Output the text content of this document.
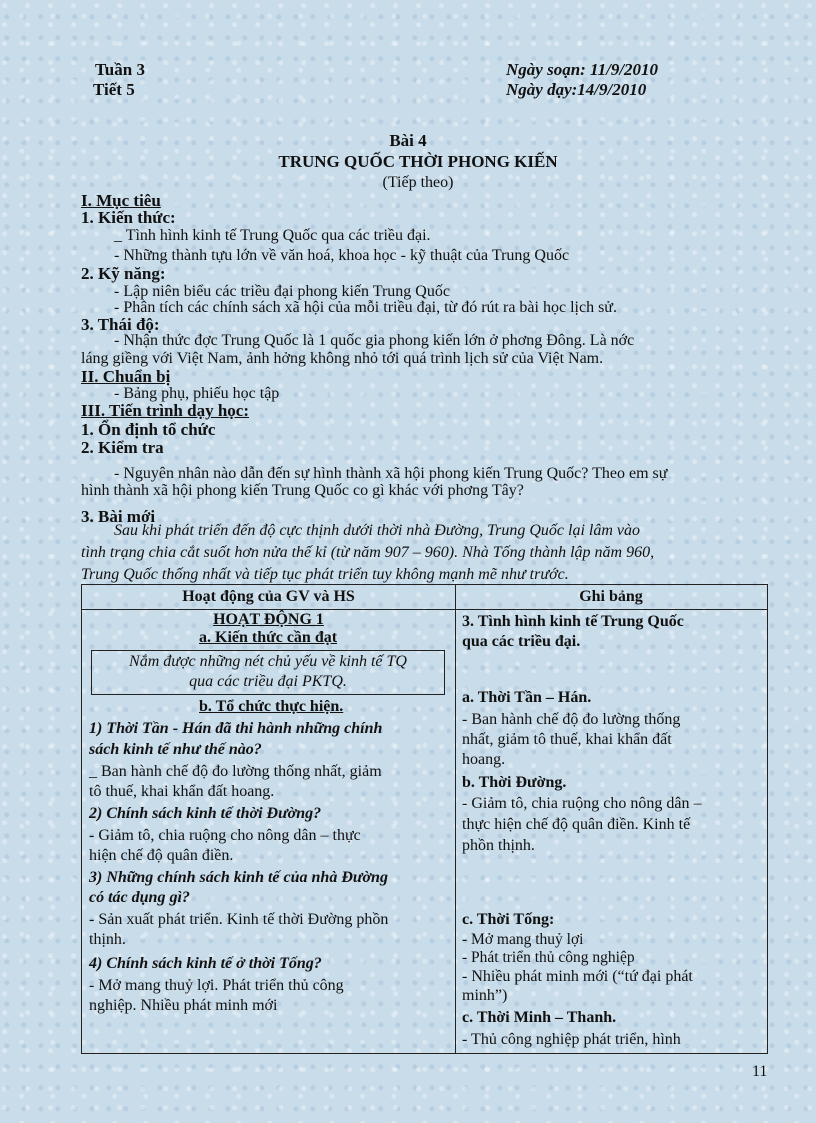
Tuần 3
Tiết 5
Ngày soạn: 11/9/2010
Ngày dạy:14/9/2010
Bài 4
TRUNG QUỐC THỜI PHONG KIẾN
(Tiếp theo)
I. Mục tiêu
1. Kiến thức:
_ Tình hình kinh tế Trung Quốc qua các triều đại.
- Những thành tựu lớn về văn hoá, khoa học - kỹ thuật của Trung Quốc
2. Kỹ năng:
- Lập niên biểu các triều đại phong kiến Trung Quốc
- Phân tích các chính sách xã hội của mỗi triều đại, từ đó rút ra bài học lịch sử.
3. Thái độ:
- Nhận thức đợc Trung Quốc là 1 quốc gia phong kiến lớn ở phơng Đông. Là nớc
láng giềng với Việt Nam, ảnh hởng không nhỏ tới quá trình lịch sử của Việt Nam.
II. Chuẩn bị
- Bảng phụ, phiếu học tập
III. Tiến trình dạy học:
1. Ổn định tổ chức
2. Kiểm tra
- Nguyên nhân nào dẫn đến sự hình thành xã hội phong kiến Trung Quốc? Theo em sự
hình thành xã hội phong kiến Trung Quốc co gì khác với phơng Tây?
3. Bài mới
Sau khi phát triển đến độ cực thịnh dưới thời nhà Đường, Trung Quốc lại lâm vào
tình trạng chia cắt suốt hơn nửa thế kỉ (từ năm 907 – 960). Nhà Tống thành lập năm 960,
Trung Quốc thống nhất và tiếp tục phát triển tuy không mạnh mẽ như trước.
Hoạt động của GV và HS	Ghi bảng
HOẠT ĐỘNG 1
a. Kiến thức cần đạt
Nắm được những nét chủ yếu về kinh tế TQ
qua các triều đại PKTQ.
b. Tổ chức thực hiện.
1) Thời Tần - Hán đã thi hành những chính
sách kinh tế như thế nào?
_ Ban hành chế độ đo lường thống nhất, giảm
tô thuế, khai khẩn đất hoang.
2) Chính sách kinh tế thời Đường?
- Giảm tô, chia ruộng cho nông dân – thực
hiện chế độ quân điền.
3) Những chính sách kinh tế của nhà Đường
có tác dụng gì?
- Sản xuất phát triển. Kinh tế thời Đường phồn
thịnh.
4) Chính sách kinh tế ở thời Tống?
- Mở mang thuỷ lợi. Phát triển thủ công
nghiệp. Nhiều phát minh mới
3. Tình hình kinh tế Trung Quốc
qua các triều đại.
a. Thời Tần – Hán.
- Ban hành chế độ đo lường thống
nhất, giảm tô thuế, khai khẩn đất
hoang.
b. Thời Đường.
- Giảm tô, chia ruộng cho nông dân –
thực hiện chế độ quân điền. Kinh tế
phồn thịnh.
c. Thời Tống:
- Mở mang thuỷ lợi
- Phát triển thủ công nghiệp
- Nhiều phát minh mới (“tứ đại phát
minh”)
c. Thời Minh – Thanh.
- Thủ công nghiệp phát triển, hình
11
